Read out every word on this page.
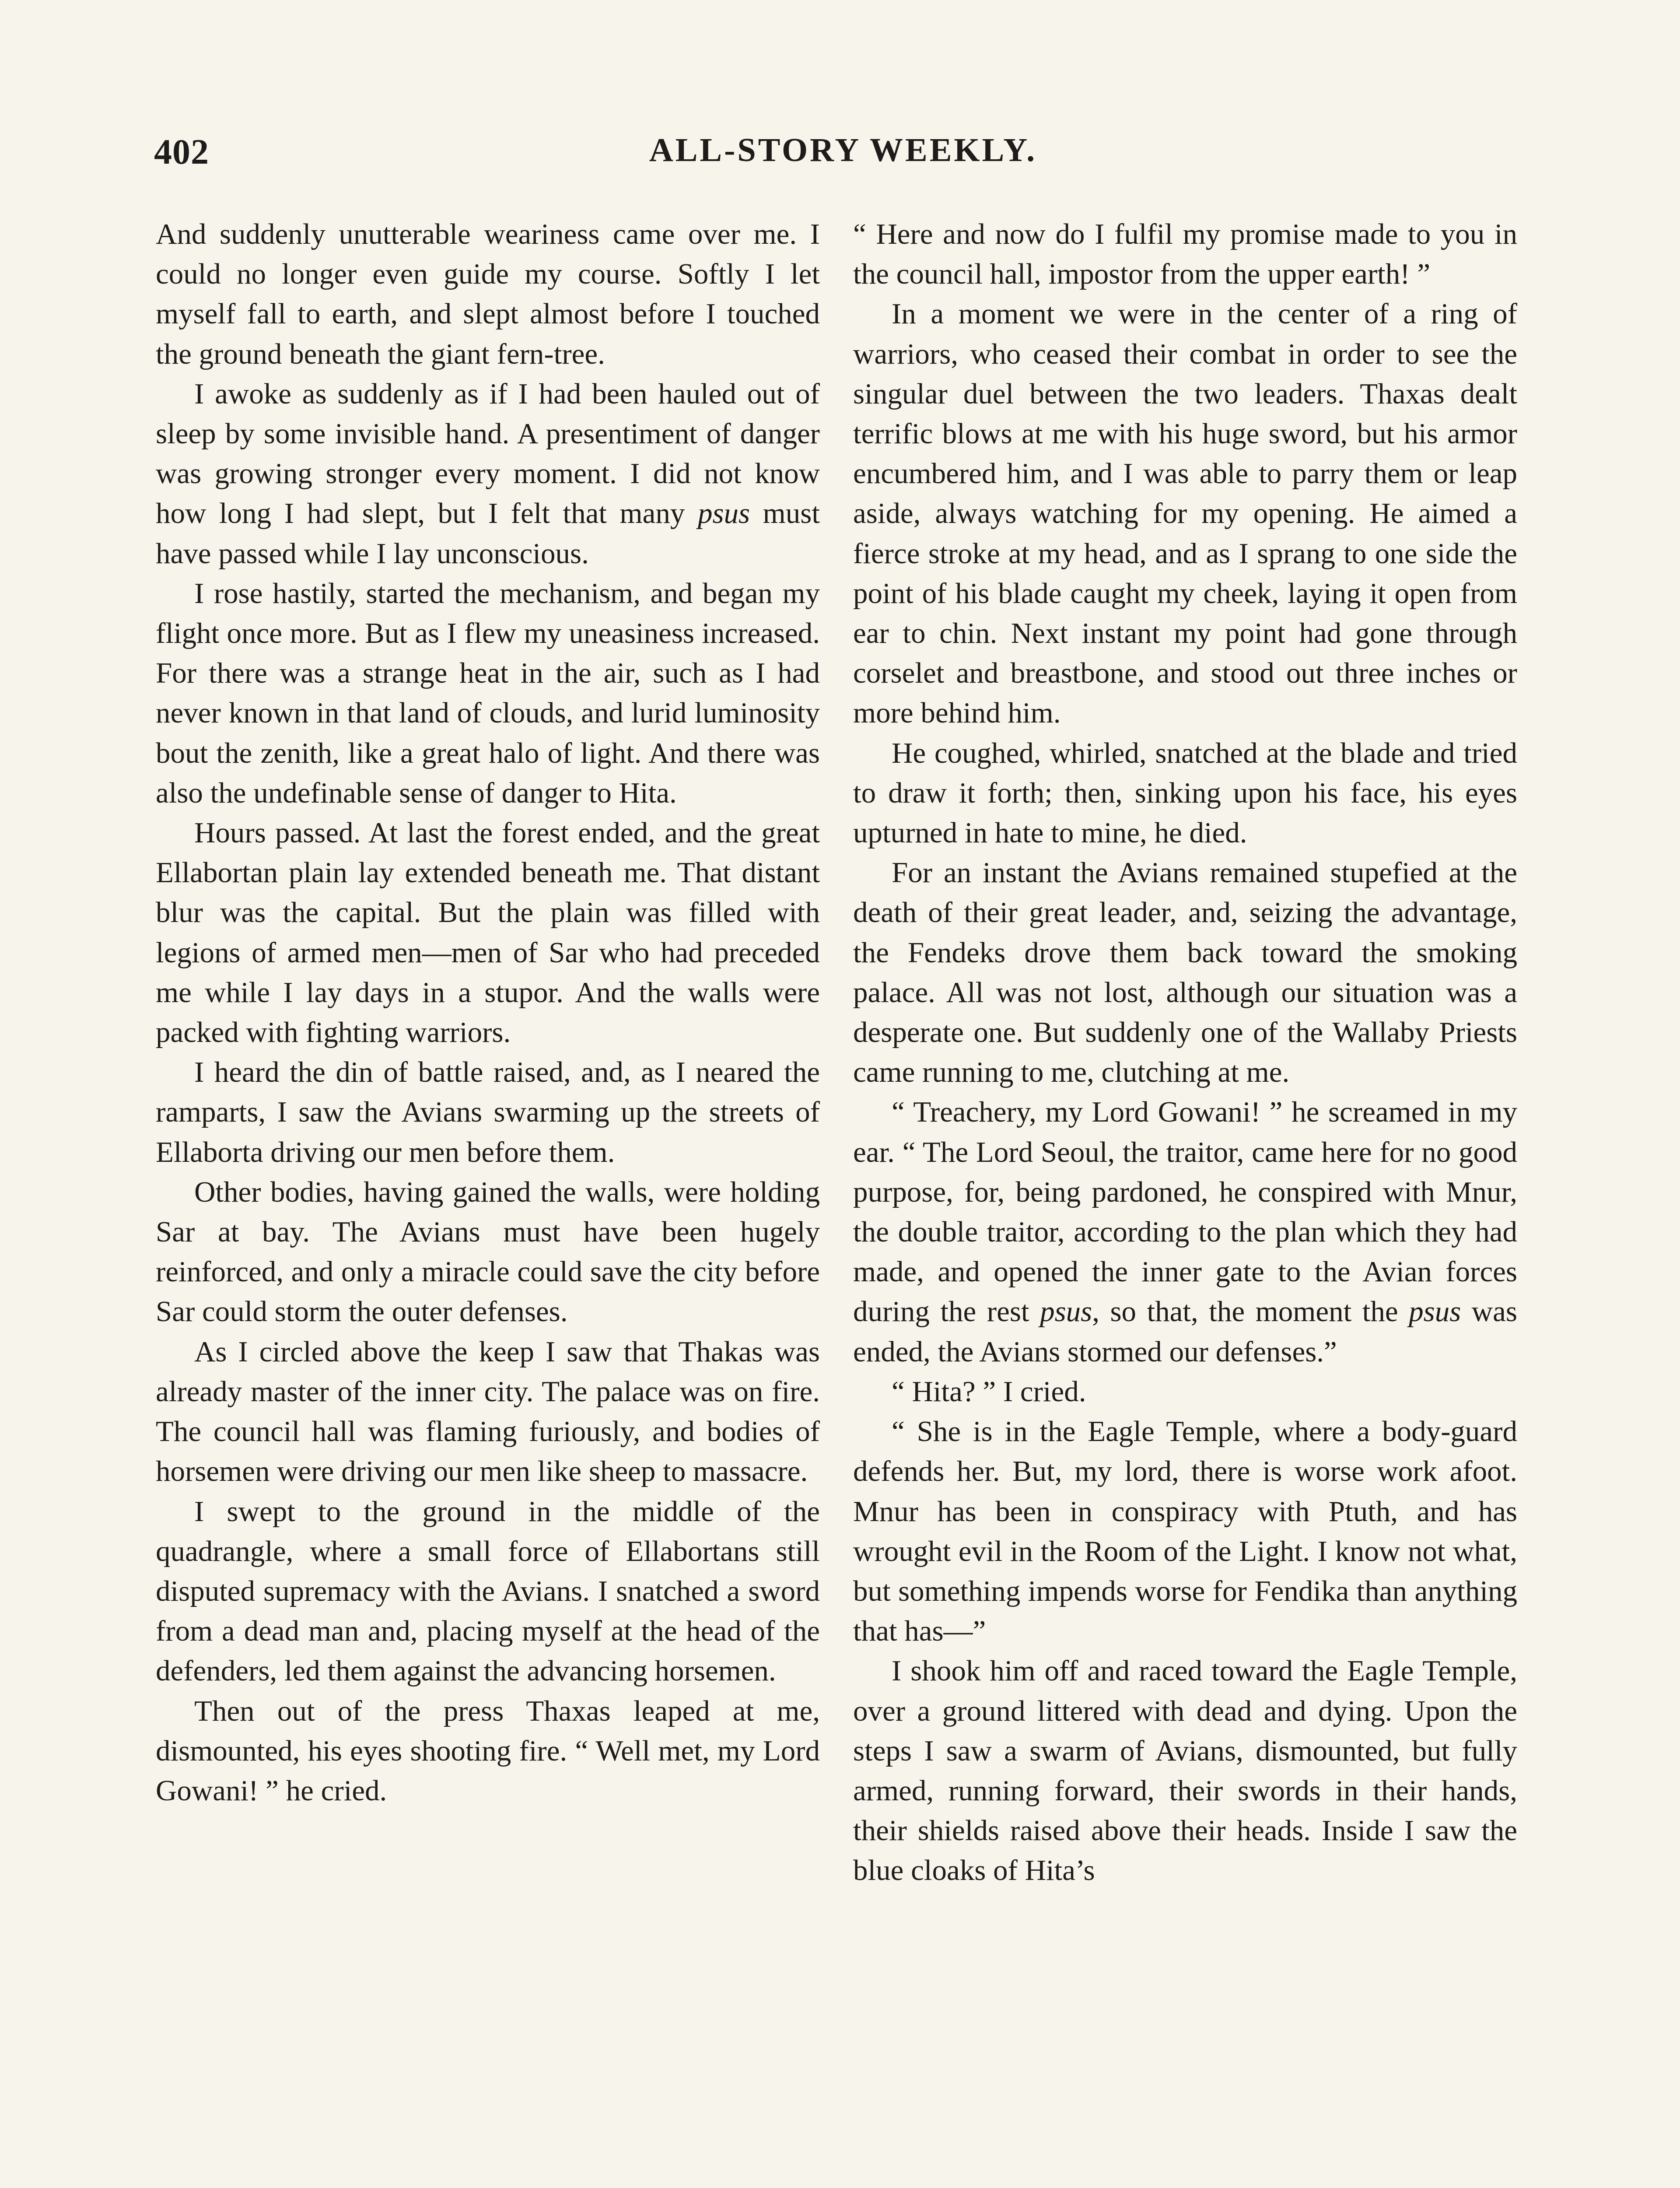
402	ALL-STORY WEEKLY.

And suddenly unutterable weariness came over me. I could no longer even guide my course. Softly I let myself fall to earth, and slept almost before I touched the ground beneath the giant fern-tree.

I awoke as suddenly as if I had been hauled out of sleep by some invisible hand. A presentiment of danger was growing stronger every moment. I did not know how long I had slept, but I felt that many psus must have passed while I lay unconscious.

I rose hastily, started the mechanism, and began my flight once more. But as I flew my uneasiness increased. For there was a strange heat in the air, such as I had never known in that land of clouds, and lurid luminosity bout the zenith, like a great halo of light. And there was also the undefinable sense of danger to Hita.

Hours passed. At last the forest ended, and the great Ellabortan plain lay extended beneath me. That distant blur was the capital. But the plain was filled with legions of armed men—men of Sar who had preceded me while I lay days in a stupor. And the walls were packed with fighting warriors.

I heard the din of battle raised, and, as I neared the ramparts, I saw the Avians swarming up the streets of Ellaborta driving our men before them.

Other bodies, having gained the walls, were holding Sar at bay. The Avians must have been hugely reinforced, and only a miracle could save the city before Sar could storm the outer defenses.

As I circled above the keep I saw that Thakas was already master of the inner city. The palace was on fire. The council hall was flaming furiously, and bodies of horsemen were driving our men like sheep to massacre.

I swept to the ground in the middle of the quadrangle, where a small force of Ellabortans still disputed supremacy with the Avians. I snatched a sword from a dead man and, placing myself at the head of the defenders, led them against the advancing horsemen.

Then out of the press Thaxas leaped at me, dismounted, his eyes shooting fire. “ Well met, my Lord Gowani! ” he cried.

“ Here and now do I fulfil my promise made to you in the council hall, impostor from the upper earth! ”

In a moment we were in the center of a ring of warriors, who ceased their combat in order to see the singular duel between the two leaders. Thaxas dealt terrific blows at me with his huge sword, but his armor encumbered him, and I was able to parry them or leap aside, always watching for my opening. He aimed a fierce stroke at my head, and as I sprang to one side the point of his blade caught my cheek, laying it open from ear to chin. Next instant my point had gone through corselet and breastbone, and stood out three inches or more behind him.

He coughed, whirled, snatched at the blade and tried to draw it forth; then, sinking upon his face, his eyes upturned in hate to mine, he died.

For an instant the Avians remained stupefied at the death of their great leader, and, seizing the advantage, the Fendeks drove them back toward the smoking palace. All was not lost, although our situation was a desperate one. But suddenly one of the Wallaby Priests came running to me, clutching at me.

“ Treachery, my Lord Gowani! ” he screamed in my ear. “ The Lord Seoul, the traitor, came here for no good purpose, for, being pardoned, he conspired with Mnur, the double traitor, according to the plan which they had made, and opened the inner gate to the Avian forces during the rest psus, so that, the moment the psus was ended, the Avians stormed our defenses.”

“ Hita? ” I cried.

“ She is in the Eagle Temple, where a body-guard defends her. But, my lord, there is worse work afoot. Mnur has been in conspiracy with Ptuth, and has wrought evil in the Room of the Light. I know not what, but something impends worse for Fendika than anything that has—”

I shook him off and raced toward the Eagle Temple, over a ground littered with dead and dying. Upon the steps I saw a swarm of Avians, dismounted, but fully armed, running forward, their swords in their hands, their shields raised above their heads. Inside I saw the blue cloaks of Hita’s
